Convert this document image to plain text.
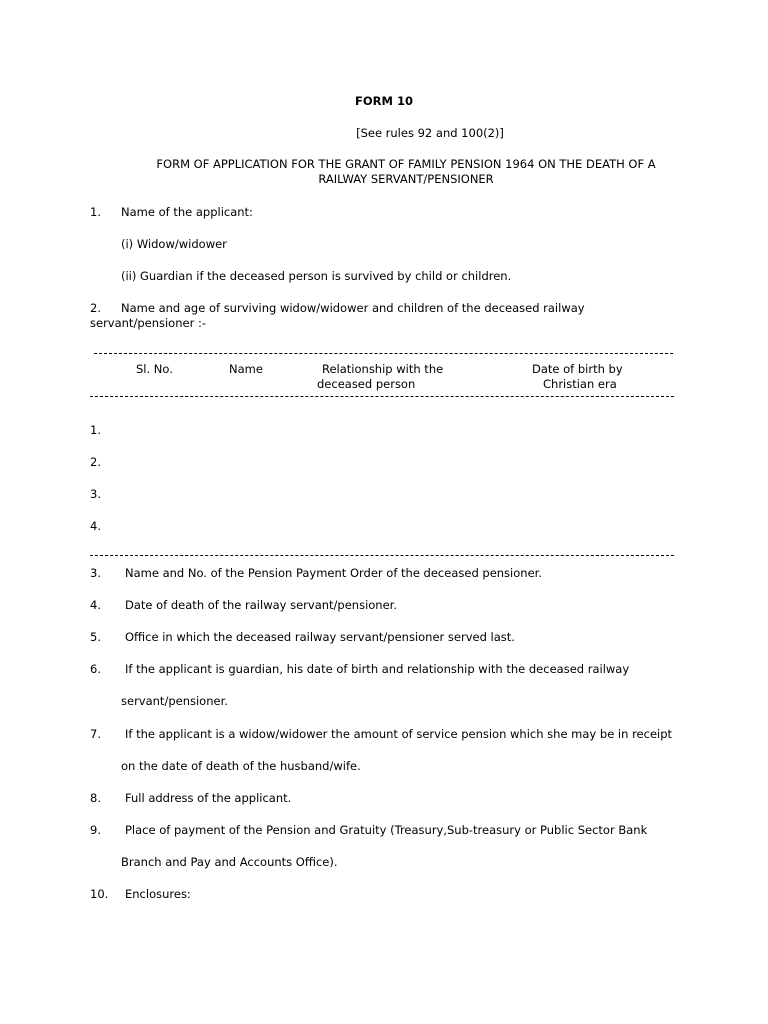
FORM 10
[See rules 92 and 100(2)]
FORM OF APPLICATION FOR THE GRANT OF FAMILY PENSION 1964 ON THE DEATH OF A
RAILWAY SERVANT/PENSIONER
1. Name of the applicant:
(i) Widow/widower
(ii) Guardian if the deceased person is survived by child or children.
2. Name and age of surviving widow/widower and children of the deceased railway
servant/pensioner :-
Sl. No.	Name	Relationship with the
deceased person
Date of birth by
Christian era
1.
2.
3.
4.
3. Name and No. of the Pension Payment Order of the deceased pensioner.
4. Date of death of the railway servant/pensioner.
5. Office in which the deceased railway servant/pensioner served last.
6. If the applicant is guardian, his date of birth and relationship with the deceased railway
servant/pensioner.
7. If the applicant is a widow/widower the amount of service pension which she may be in receipt
on the date of death of the husband/wife.
8. Full address of the applicant.
9. Place of payment of the Pension and Gratuity (Treasury,Sub-treasury or Public Sector Bank
Branch and Pay and Accounts Office).
10. Enclosures:
